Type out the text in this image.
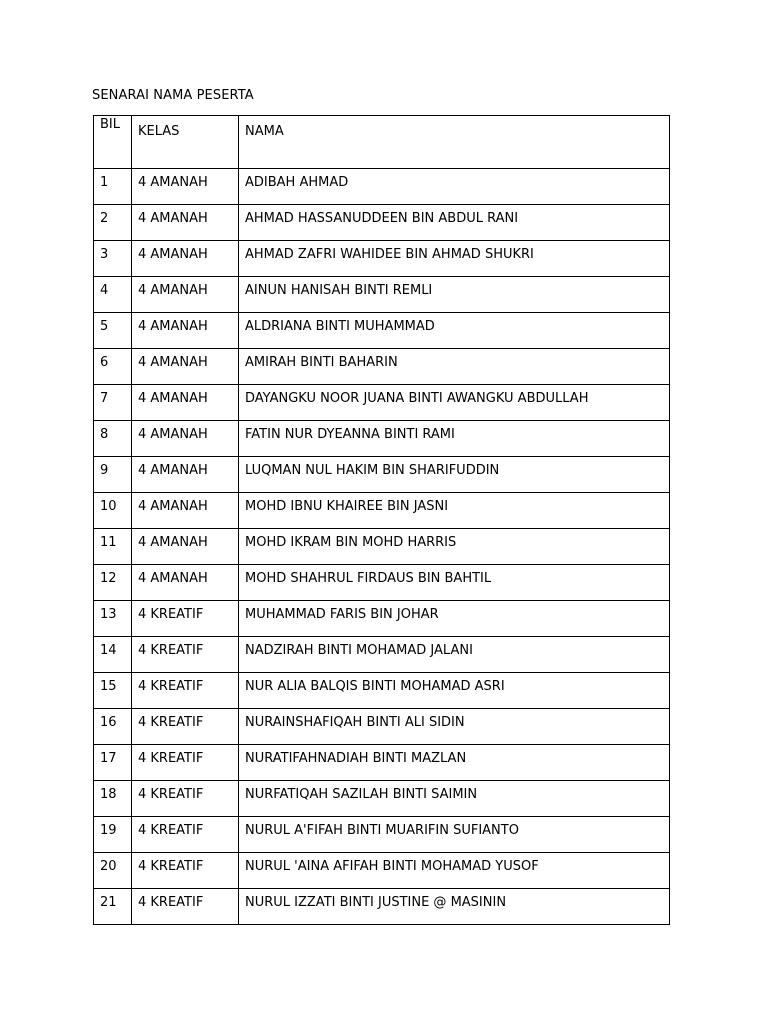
SENARAI NAMA PESERTA
BIL	KELAS	NAMA
1	4 AMANAH	ADIBAH AHMAD
2	4 AMANAH	AHMAD HASSANUDDEEN BIN ABDUL RANI
3	4 AMANAH	AHMAD ZAFRI WAHIDEE BIN AHMAD SHUKRI
4	4 AMANAH	AINUN HANISAH BINTI REMLI
5	4 AMANAH	ALDRIANA BINTI MUHAMMAD
6	4 AMANAH	AMIRAH BINTI BAHARIN
7	4 AMANAH	DAYANGKU NOOR JUANA BINTI AWANGKU ABDULLAH
8	4 AMANAH	FATIN NUR DYEANNA BINTI RAMI
9	4 AMANAH	LUQMAN NUL HAKIM BIN SHARIFUDDIN
10	4 AMANAH	MOHD IBNU KHAIREE BIN JASNI
11	4 AMANAH	MOHD IKRAM BIN MOHD HARRIS
12	4 AMANAH	MOHD SHAHRUL FIRDAUS BIN BAHTIL
13	4 KREATIF	MUHAMMAD FARIS BIN JOHAR
14	4 KREATIF	NADZIRAH BINTI MOHAMAD JALANI
15	4 KREATIF	NUR ALIA BALQIS BINTI MOHAMAD ASRI
16	4 KREATIF	NURAINSHAFIQAH BINTI ALI SIDIN
17	4 KREATIF	NURATIFAHNADIAH BINTI MAZLAN
18	4 KREATIF	NURFATIQAH SAZILAH BINTI SAIMIN
19	4 KREATIF	NURUL A'FIFAH BINTI MUARIFIN SUFIANTO
20	4 KREATIF	NURUL 'AINA AFIFAH BINTI MOHAMAD YUSOF
21	4 KREATIF	NURUL IZZATI BINTI JUSTINE @ MASININ
